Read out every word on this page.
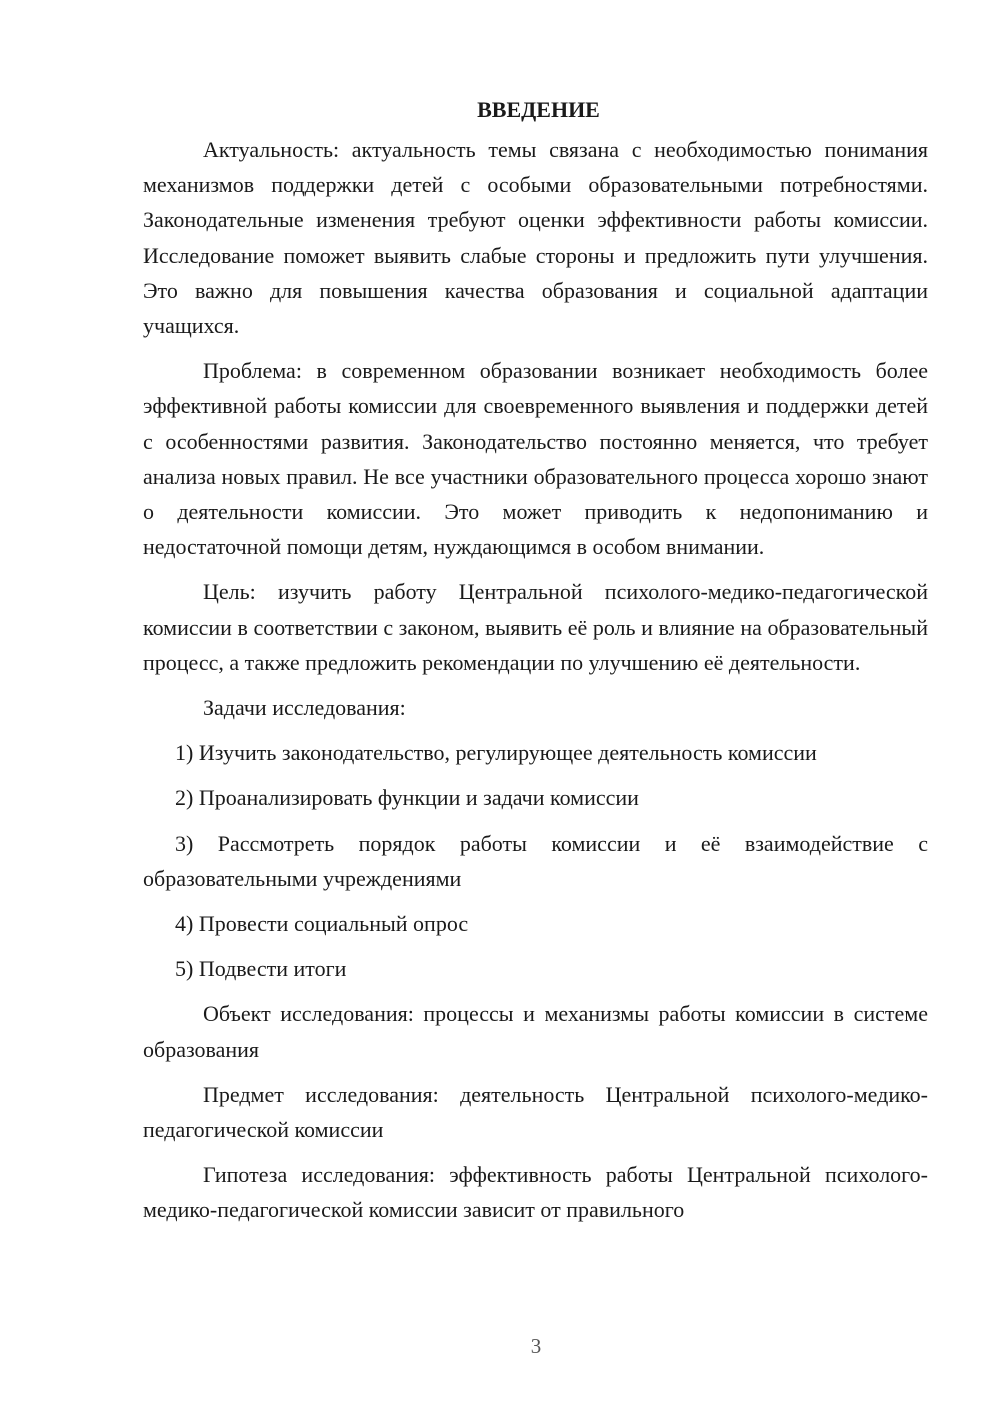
ВВЕДЕНИЕ

Актуальность: актуальность темы связана с необходимостью понимания механизмов поддержки детей с особыми образовательными потребностями. Законодательные изменения требуют оценки эффективности работы комиссии. Исследование поможет выявить слабые стороны и предложить пути улучшения. Это важно для повышения качества образования и социальной адаптации учащихся.

Проблема: в современном образовании возникает необходимость более эффективной работы комиссии для своевременного выявления и поддержки детей с особенностями развития. Законодательство постоянно меняется, что требует анализа новых правил. Не все участники образовательного процесса хорошо знают о деятельности комиссии. Это может приводить к недопониманию и недостаточной помощи детям, нуждающимся в особом внимании.

Цель: изучить работу Центральной психолого-медико-педагогической комиссии в соответствии с законом, выявить её роль и влияние на образовательный процесс, а также предложить рекомендации по улучшению её деятельности.

Задачи исследования:

1) Изучить законодательство, регулирующее деятельность комиссии

2) Проанализировать функции и задачи комиссии

3) Рассмотреть порядок работы комиссии и её взаимодействие с образовательными учреждениями

4) Провести социальный опрос

5) Подвести итоги

Объект исследования: процессы и механизмы работы комиссии в системе образования

Предмет исследования: деятельность Центральной психолого-медико-педагогической комиссии

Гипотеза исследования: эффективность работы Центральной психолого-медико-педагогической комиссии зависит от правильного

3
